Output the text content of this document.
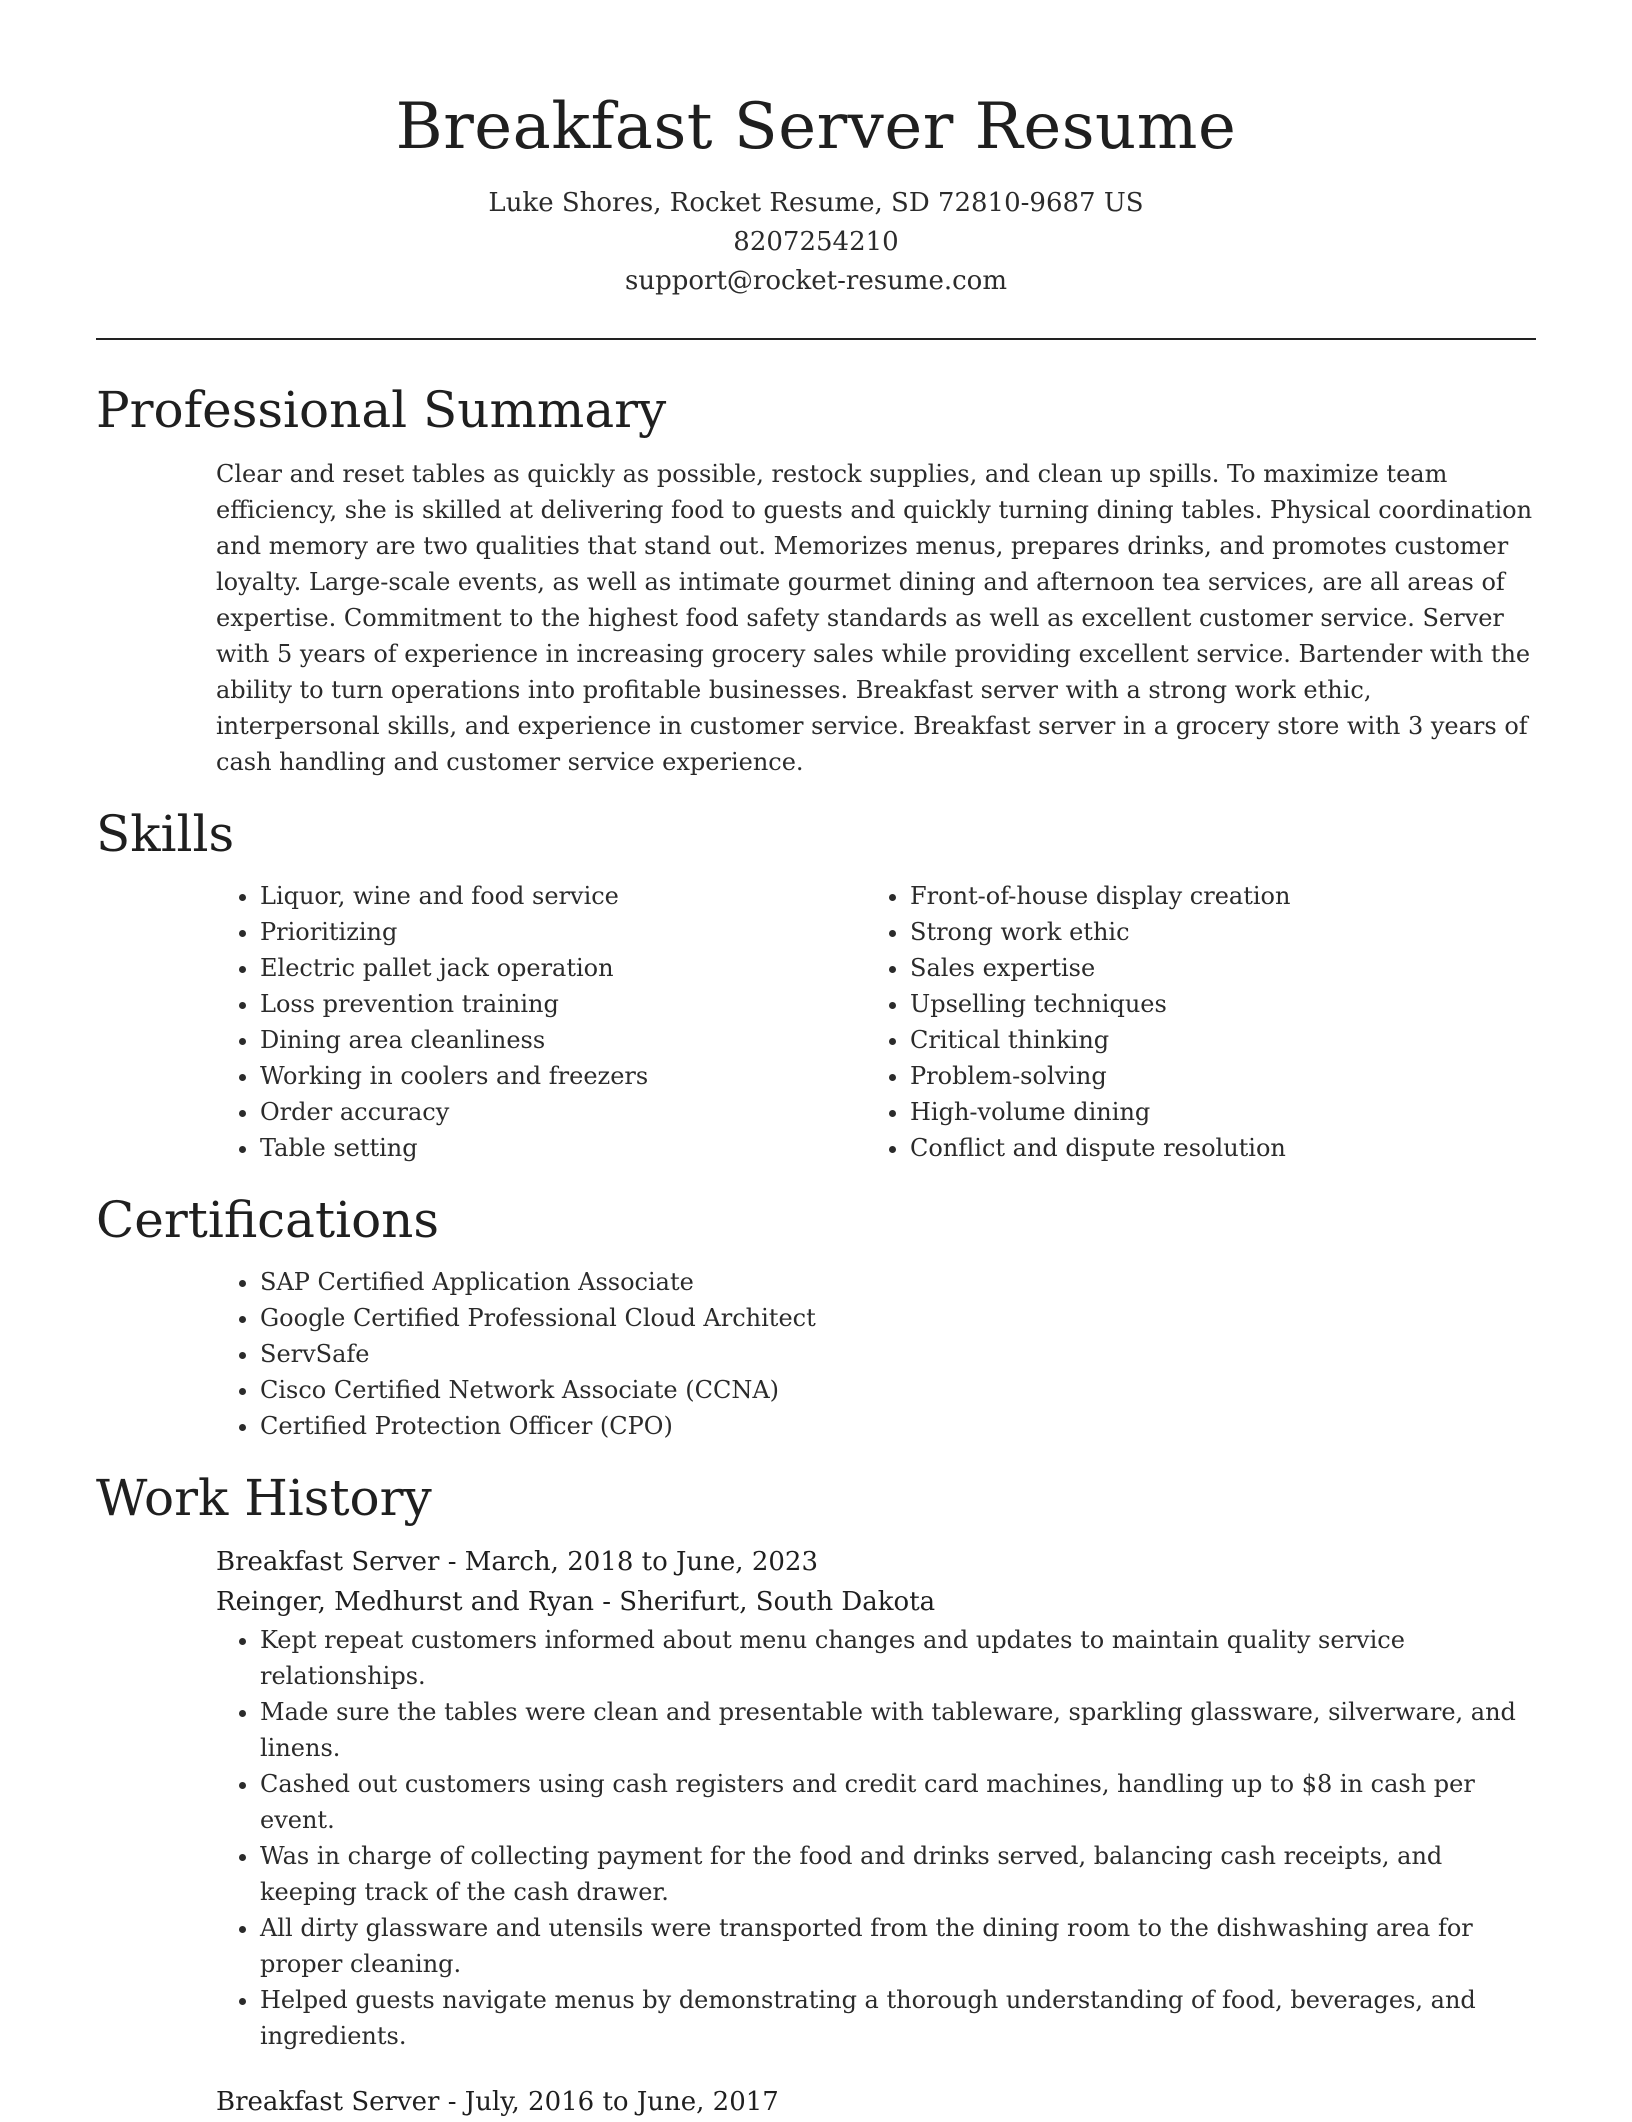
Breakfast Server Resume
Luke Shores, Rocket Resume, SD 72810-9687 US
8207254210
support@rocket-resume.com
Professional Summary

Clear and reset tables as quickly as possible, restock supplies, and clean up spills. To maximize team efficiency, she is skilled at delivering food to guests and quickly turning dining tables. Physical coordination and memory are two qualities that stand out. Memorizes menus, prepares drinks, and promotes customer loyalty. Large-scale events, as well as intimate gourmet dining and afternoon tea services, are all areas of expertise. Commitment to the highest food safety standards as well as excellent customer service. Server with 5 years of experience in increasing grocery sales while providing excellent service. Bartender with the ability to turn operations into profitable businesses. Breakfast server with a strong work ethic, interpersonal skills, and experience in customer service. Breakfast server in a grocery store with 3 years of cash handling and customer service experience.

Skills
• Liquor, wine and food service
• Prioritizing
• Electric pallet jack operation
• Loss prevention training
• Dining area cleanliness
• Working in coolers and freezers
• Order accuracy
• Table setting
• Front-of-house display creation
• Strong work ethic
• Sales expertise
• Upselling techniques
• Critical thinking
• Problem-solving
• High-volume dining
• Conflict and dispute resolution
Certifications
• SAP Certified Application Associate
• Google Certified Professional Cloud Architect
• ServSafe
• Cisco Certified Network Associate (CCNA)
• Certified Protection Officer (CPO)
Work History
Breakfast Server - March, 2018 to June, 2023
Reinger, Medhurst and Ryan - Sherifurt, South Dakota
• Kept repeat customers informed about menu changes and updates to maintain quality service relationships.
• Made sure the tables were clean and presentable with tableware, sparkling glassware, silverware, and linens.
• Cashed out customers using cash registers and credit card machines, handling up to $8 in cash per event.
• Was in charge of collecting payment for the food and drinks served, balancing cash receipts, and keeping track of the cash drawer.
• All dirty glassware and utensils were transported from the dining room to the dishwashing area for proper cleaning.
• Helped guests navigate menus by demonstrating a thorough understanding of food, beverages, and ingredients.
Breakfast Server - July, 2016 to June, 2017
